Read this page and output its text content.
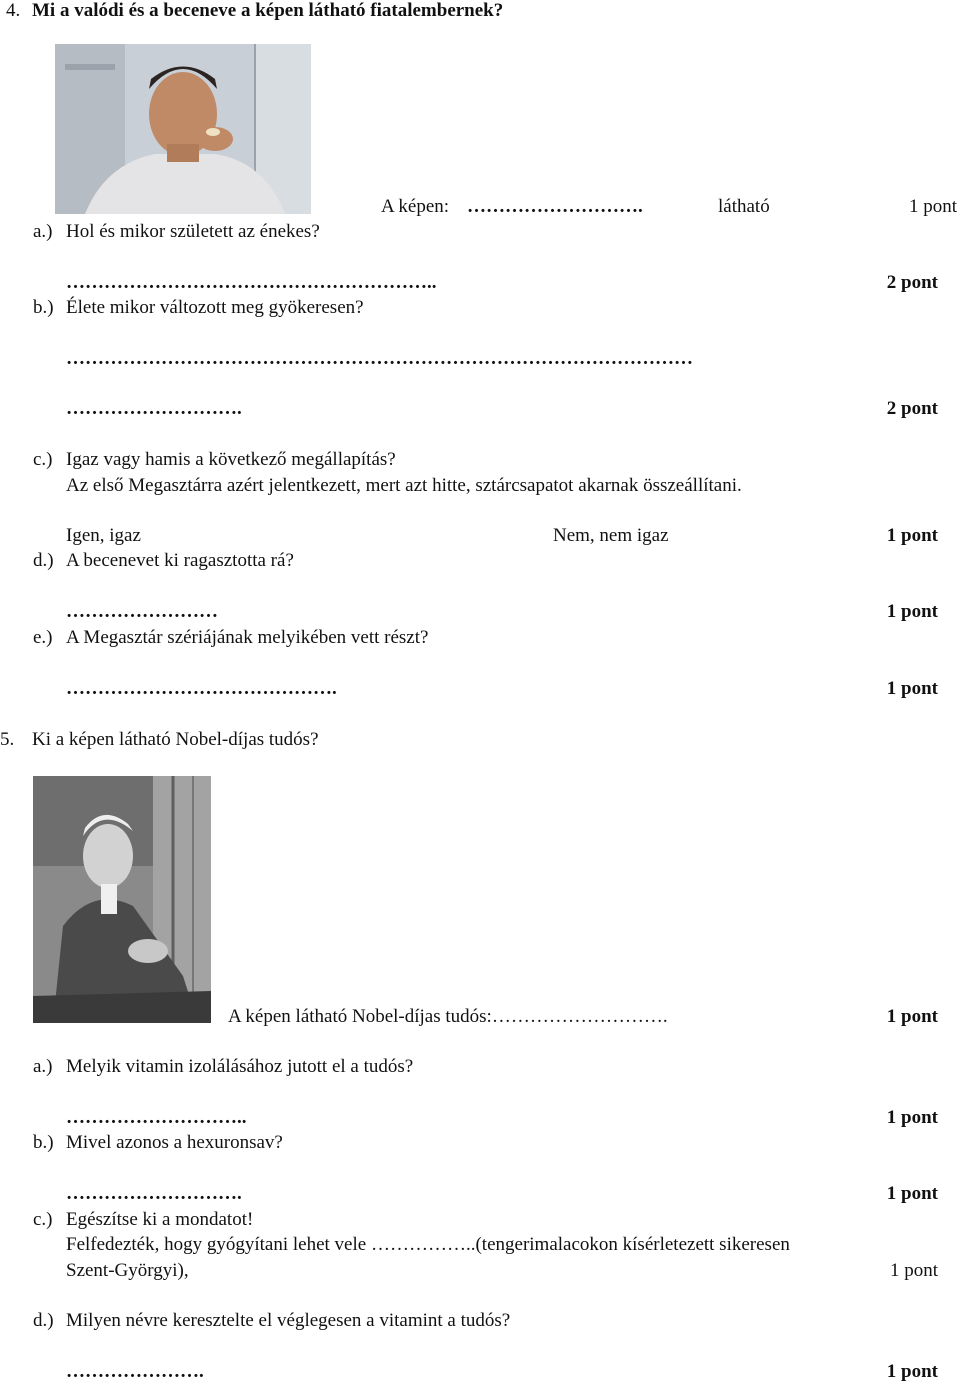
4. Mi a valódi és a beceneve a képen látható fiatalembernek?
A képen: ……………………….	látható	1 pont
a.) Hol és mikor született az énekes?
…………………………………………………..	2 pont
b.) Élete mikor változott meg gyökeresen?
………………………………………………………………………………………
……………………….	2 pont
c.) Igaz vagy hamis a következő megállapítás?
Az első Megasztárra azért jelentkezett, mert azt hitte, sztárcsapatot akarnak összeállítani.
Igen, igaz	Nem, nem igaz	1 pont
d.) A becenevet ki ragasztotta rá?
……………………	1 pont
e.) A Megasztár szériájának melyikében vett részt?
…………………………………….	1 pont
5. Ki a képen látható Nobel-díjas tudós?
A képen látható Nobel-díjas tudós:……………………….	1 pont
a.) Melyik vitamin izolálásához jutott el a tudós?
………………………..	1 pont
b.) Mivel azonos a hexuronsav?
……………………….	1 pont
c.) Egészítse ki a mondatot!
Felfedezték, hogy gyógyítani lehet vele ……………..(tengerimalacokon kísérletezett sikeresen
Szent-Györgyi),	1 pont
d.) Milyen névre keresztelte el véglegesen a vitamint a tudós?
………………….	1 pont
